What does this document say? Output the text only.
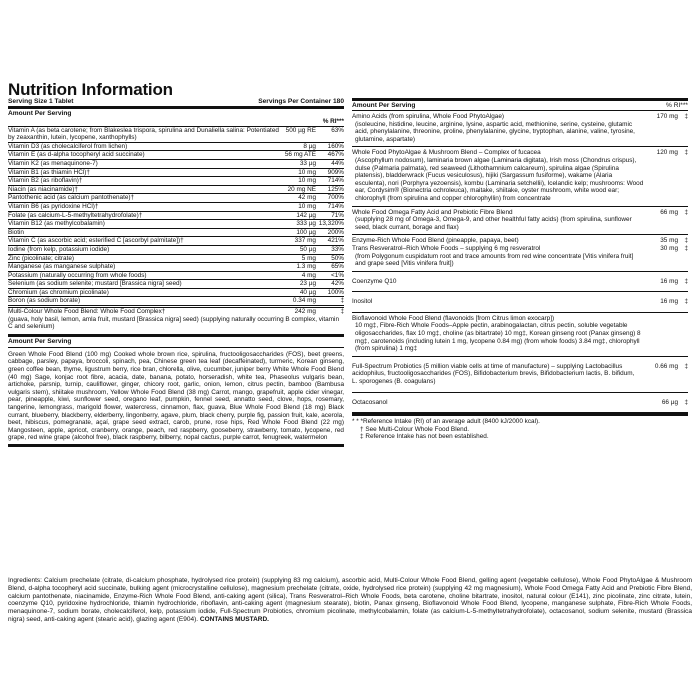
Nutrition Information
Serving Size 1 Tablet	Servings Per Container 180
Amount Per Serving
% RI***
Vitamin A (as beta carotene; from Blakeslea trispora, spirulina and Dunaliella salina: Potentiated by zeaxanthin, lutein, lycopene, xanthophylls)
500 µg RE	63%
Vitamin D3 (as cholecalciferol from lichen)	8 µg	160%
Vitamin E (as d-alpha tocopheryl acid succinate)	56 mg ATE	467%
Vitamin K2 (as menaquinone-7)	33 µg	44%
Vitamin B1 (as thiamin HCl)†	10 mg	909%
Vitamin B2 (as riboflavin)†	10 mg	714%
Niacin (as niacinamide)†	20 mg NE	125%
Pantothenic acid (as calcium pantothenate)†	42 mg	700%
Vitamin B6 (as pyridoxine HCl)†	10 mg	714%
Folate (as calcium-L-5-methyltetrahydrofolate)†	142 µg	71%
Vitamin B12 (as methylcobalamin)	333 µg 13,320%
Biotin	100 µg	200%
Vitamin C (as ascorbic acid; esterified C [ascorbyl palmitate])†	337 mg	421%
Iodine (from kelp, potassium iodide)	50 µg	33%
Zinc (picolinate; citrate)	5 mg	50%
Manganese (as manganese sulphate)	1.3 mg	65%
Potassium (naturally occurring from whole foods)	4 mg	<1%
Selenium (as sodium selenite; mustard [Brassica nigra] seed)	23 µg	42%
Chromium (as chromium picolinate)	40 µg	100%
Boron (as sodium borate)	0.34 mg	‡
Multi-Colour Whole Food Blend: Whole Food Complex†	242 mg	‡
(guava, holy basil, lemon, amla fruit, mustard [Brassica nigra] seed) (supplying naturally occurring B complex, vitamin C and selenium)
Amount Per Serving
Green Whole Food Blend (100 mg) Cooked whole brown rice, spirulina, fructooligosaccharides (FOS), beet greens, cabbage, parsley, papaya, broccoli, spinach, pea, Chinese green tea leaf (decaffeinated), turmeric, Korean ginseng, green coffee bean, thyme, ligustrum berry, rice bran, chlorella, olive, cucumber, juniper berry White Whole Food Blend (40 mg) Sage, konjac root fibre, acacia, date, banana, potato, horseradish, white tea, Phaseolus vulgaris bean, artichoke, parsnip, turnip, cauliflower, ginger, chicory root, garlic, onion, lemon, citrus pectin, bamboo (Bambusa vulgaris stem), shiitake mushroom, Yellow Whole Food Blend (38 mg) Carrot, mango, grapefruit, apple cider vinegar, pear, pineapple, kiwi, sunflower seed, oregano leaf, pumpkin, fennel seed, annatto seed, clove, hops, rosemary, tangerine, lemongrass, marigold flower, watercress, cinnamon, flax, guava, Blue Whole Food Blend (18 mg) Black currant, blueberry, blackberry, elderberry, lingonberry, agave, plum, black cherry, purple fig, passion fruit, kale, acerola, beet, hibiscus, pomegranate, açaí, grape seed extract, carob, prune, rose hips, Red Whole Food Blend (22 mg) Mangosteen, apple, apricot, cranberry, orange, peach, red raspberry, gooseberry, strawberry, tomato, lycopene, red grape, red wine grape (alcohol free), black raspberry, bilberry, nopal cactus, purple carrot, fenugreek, watermelon
Amount Per Serving	% RI***
Amino Acids (from spirulina, Whole Food PhytoAlgae)	170 mg	‡
(isoleucine, histidine, leucine, arginine, lysine, aspartic acid, methionine, serine, cysteine, glutamic acid, phenylalanine, threonine, proline, phenylalanine, glycine, tryptophan, alanine, valine, tyrosine, glutamine, aspartate)
Whole Food PhytoAlgae & Mushroom Blend – Complex of fucacea	120 mg	‡
(Ascophyllum nodosum), laminaria brown algae (Laminaria digitata), Irish moss (Chondrus crispus), dulse (Palmaria palmata), red seaweed (Lithothamnium calcareum), spirulina algae (Spirulina platensis), bladderwrack (Fucus vesiculosus), hijiki (Sargassum fusiforme), wakame (Alaria esculenta), nori (Porphyra yezoensis), kombu (Laminaria setchellii), Icelandic kelp; mushrooms: Wood ear, Cordysim® (Bionectria ochroleuca), maitake, shiitake, oyster mushroom, white wood ear; chlorophyll (from spirulina and copper chlorophyllin) from concentrate
Whole Food Omega Fatty Acid and Prebiotic Fibre Blend	66 mg	‡
(supplying 28 mg of Omega-3, Omega-9, and other healthful fatty acids) (from spirulina, sunflower seed, black currant, borage and flax)
Enzyme-Rich Whole Food Blend (pineapple, papaya, beet)	35 mg	‡
Trans Resveratrol–Rich Whole Foods – supplying 6 mg resveratrol	30 mg	‡
(from Polygonum cuspidatum root and trace amounts from red wine concentrate [Vitis vinifera fruit] and grape seed [Vitis vinifera fruit])
Coenzyme Q10	16 mg	‡
Inositol	16 mg	‡
Bioflavonoid Whole Food Blend (flavonoids [from Citrus limon exocarp])
10 mg‡, Fibre-Rich Whole Foods–Apple pectin, arabinogalactan, citrus pectin, soluble vegetable oligosaccharides, flax 10 mg‡, choline (as bitartrate) 10 mg‡, Korean ginseng root (Panax ginseng) 8 mg‡, carotenoids (including lutein 1 mg, lycopene 0.84 mg) (from whole foods) 3.84 mg‡, chlorophyll (from spirulina) 1 mg‡
Full-Spectrum Probiotics (5 million viable cells at time of manufacture) – supplying Lactobacillus acidophilus, fructooligosaccharides (FOS), Bifidobacterium brevis, Bifidobacterium lactis, B. bifidum, L. sporogenes (B. coagulans)
0.66 mg	‡
Octacosanol	66 µg	‡
* * *Reference Intake (RI) of an average adult (8400 kJ/2000 kcal).
† See Multi-Colour Whole Food Blend.
‡ Reference Intake has not been established.
Ingredients: Calcium prechelate (citrate, di-calcium phosphate, hydrolysed rice protein) (supplying 83 mg calcium), ascorbic acid, Multi-Colour Whole Food Blend, gelling agent (vegetable cellulose), Whole Food PhytoAlgae & Mushroom Blend, d-alpha tocopheryl acid succinate, bulking agent (microcrystalline cellulose), magnesium prechelate (citrate, oxide, hydrolysed rice protein) (supplying 42 mg magnesium), Whole Food Omega Fatty Acid and Prebiotic Fibre Blend, calcium pantothenate, niacinamide, Enzyme-Rich Whole Food Blend, anti-caking agent (silica), Trans Resveratrol–Rich Whole Foods, beta carotene, choline bitartrate, inositol, natural colour (E141), zinc picolinate, zinc citrate, lutein, coenzyme Q10, pyridoxine hydrochloride, thiamin hydrochloride, riboflavin, anti-caking agent (magnesium stearate), biotin, Panax ginseng, Bioflavonoid Whole Food Blend, lycopene, manganese sulphate, Fibre-Rich Whole Foods, menaquinone-7, sodium borate, cholecalciferol, kelp, potassium iodide, Full-Spectrum Probiotics, chromium picolinate, methylcobalamin, folate (as calcium-L-5-methyltetrahydrofolate), octacosanol, sodium selenite, mustard (Brassica nigra) seed, anti-caking agent (stearic acid), glazing agent (E904). CONTAINS MUSTARD.
